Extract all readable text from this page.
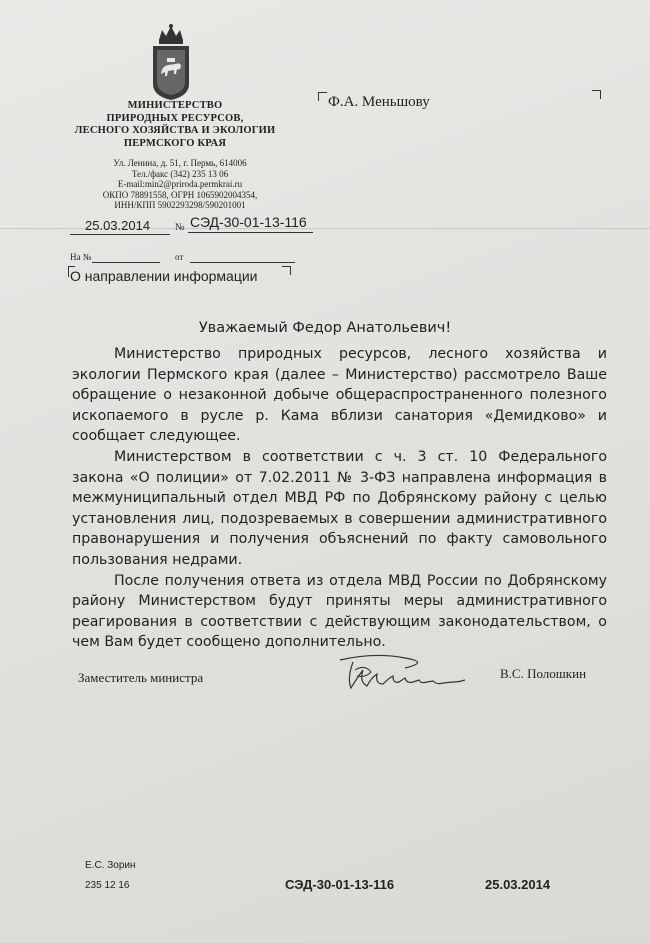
МИНИСТЕРСТВО
ПРИРОДНЫХ РЕСУРСОВ,
ЛЕСНОГО ХОЗЯЙСТВА И ЭКОЛОГИИ
ПЕРМСКОГО КРАЯ
Ул. Ленина, д. 51, г. Пермь, 614006
Тел./факс (342) 235 13 06
E-mail:min2@priroda.permkrai.ru
ОКПО 78891558, ОГРН 1065902004354,
ИНН/КПП 5902293298/590201001
Ф.А. Меньшову
25.03.2014 № СЭД-30-01-13-116
На №	от
О направлении информации
Уважаемый Федор Анатольевич!

Министерство природных ресурсов, лесного хозяйства и экологии Пермского края (далее – Министерство) рассмотрело Ваше обращение о незаконной добыче общераспространенного полезного ископаемого в русле р. Кама вблизи санатория «Демидково» и сообщает следующее.

Министерством в соответствии с ч. 3 ст. 10 Федерального закона «О полиции» от 7.02.2011 № 3-ФЗ направлена информация в межмуниципальный отдел МВД РФ по Добрянскому району с целью установления лиц, подозреваемых в совершении административного правонарушения и получения объяснений по факту самовольного пользования недрами.

После получения ответа из отдела МВД России по Добрянскому району Министерством будут приняты меры административного реагирования в соответствии с действующим законодательством, о чем Вам будет сообщено дополнительно.

Заместитель министра	В.С. Полошкин
Е.С. Зорин
235 12 16	СЭД-30-01-13-116	25.03.2014
